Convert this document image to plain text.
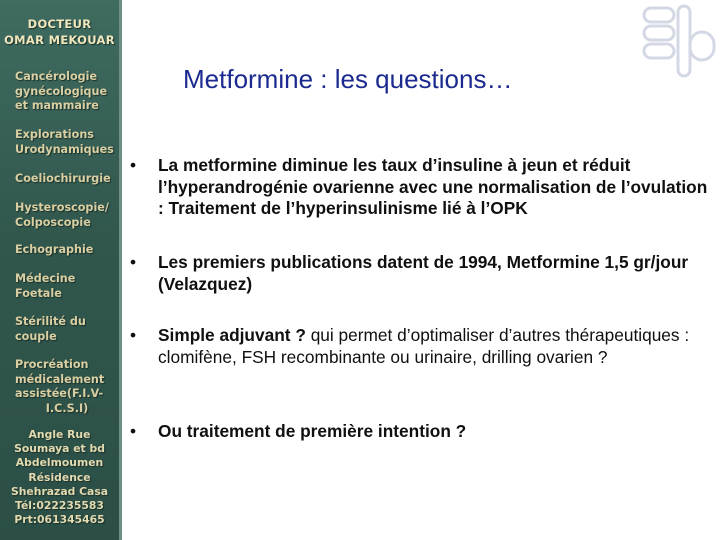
DOCTEUR
OMAR MEKOUAR
Cancérologie
gynécologique
et mammaire
Explorations
Urodynamiques
Coeliochirurgie
Hysteroscopie/
Colposcopie
Echographie
Médecine
Foetale
Stérilité du
couple
Procréation
médicalement
assistée(F.I.V-
I.C.S.I)
Angle Rue
Soumaya et bd
Abdelmoumen
Résidence
Shehrazad Casa
Tél:022235583
Prt:061345465
Metformine : les questions…
•	La metformine diminue les taux d’insuline à jeun et réduit l’hyperandrogénie ovarienne avec une normalisation de l’ovulation : Traitement de l’hyperinsulinisme lié à l’OPK
•	Les premiers publications datent de 1994, Metformine 1,5 gr/jour (Velazquez)
•	Simple adjuvant ? qui permet d’optimaliser d’autres thérapeutiques : clomifène, FSH recombinante ou urinaire, drilling ovarien ?
•	Ou traitement de première intention ?
